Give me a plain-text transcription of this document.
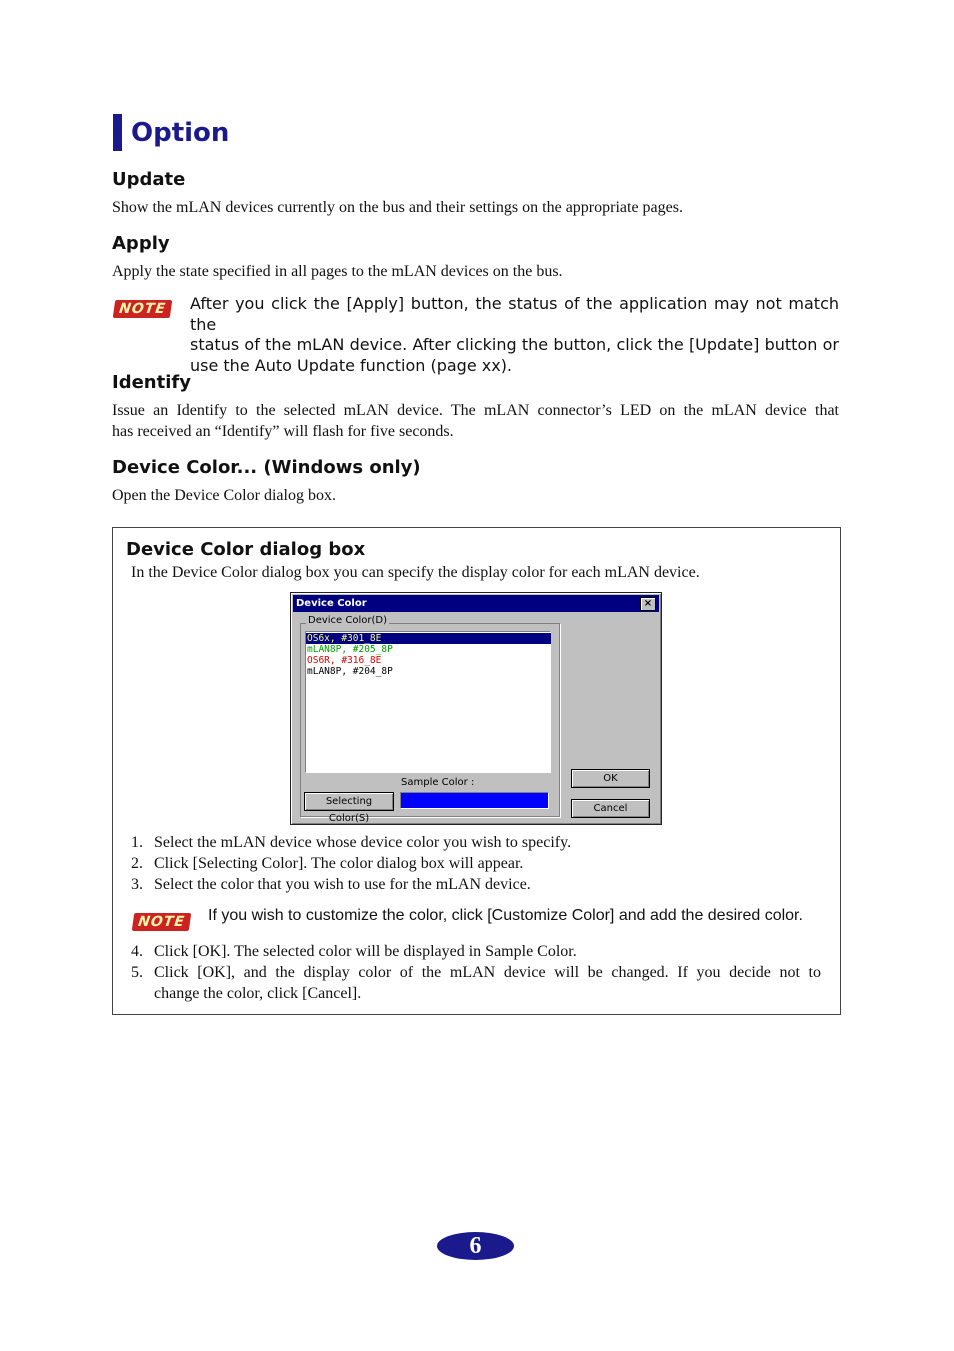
Option
Update
Show the mLAN devices currently on the bus and their settings on the appropriate pages.
Apply
Apply the state specified in all pages to the mLAN devices on the bus.
NOTE	After you click the [Apply] button, the status of the application may not match the
status of the mLAN device. After clicking the button, click the [Update] button or
use the Auto Update function (page xx).
Identify
Issue an Identify to the selected mLAN device. The mLAN connector’s LED on the mLAN device that
has received an “Identify” will flash for five seconds.
Device Color... (Windows only)
Open the Device Color dialog box.
Device Color dialog box
In the Device Color dialog box you can specify the display color for each mLAN device.
Device Color	×
Device Color(D)
OS6x, #301_8E
mLAN8P, #205_8P
OS6R, #316_8E
mLAN8P, #204_8P
Sample Color :
Selecting Color(S)
OK
Cancel
1. Select the mLAN device whose device color you wish to specify.
2. Click [Selecting Color]. The color dialog box will appear.
3. Select the color that you wish to use for the mLAN device.
NOTE	If you wish to customize the color, click [Customize Color] and add the desired color.
4. Click [OK]. The selected color will be displayed in Sample Color.
5. Click [OK], and the display color of the mLAN device will be changed. If you decide not to
change the color, click [Cancel].
6
